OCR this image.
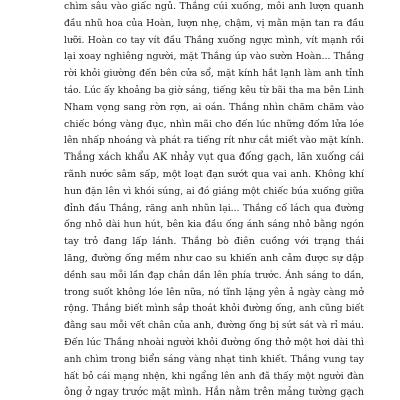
chìm sâu vào giấc ngủ. Thắng cúi xuống, môi anh lượn quanh
đầu nhũ hoa của Hoàn, lượn nhẹ, chậm, vị mằn mặn tan ra đầu
lưỡi. Hoàn co tay vít đầu Thắng xuống ngực mình, vít mạnh rồi
lại xoay nghiêng người, mặt Thắng úp vào sườn Hoàn... Thắng
rời khỏi giường đến bên cửa sổ, mặt kính hắt lạnh làm anh tỉnh
táo. Lúc ấy khoảng ba giờ sáng, tiếng kêu từ bãi tha ma bên Linh
Nham vọng sang rờn rợn, ai oán. Thắng nhìn chăm chăm vào
chiếc bóng vàng đục, nhìn mãi cho đến lúc những đốm lửa lóe
lên nhấp nhoáng và phát ra tiếng rít như cắt miết vào mặt kính.
Thắng xách khẩu AK nhảy vụt qua đống gạch, lăn xuống cái
rãnh nước sâm sấp, một loạt đạn sướt qua vai anh. Không khí
hun đặn lên vì khói súng, ai đó giáng một chiếc búa xuống giữa
đỉnh đầu Thắng, răng anh nhũn lại... Thắng cố lách qua đường
ống nhỏ dài hun hút, bên kia đầu ống ánh sáng nhỏ bằng ngón
tay trỏ đang lấp lánh. Thắng bò điên cuồng với trạng thái
lăng, đường ống mềm như cao su khiến anh cảm được sự dập
dềnh sau mỗi lần đạp chân dần lên phía trước. Ánh sáng to dần,
trong suốt không lóe lên nữa, nó tĩnh lặng yên ả ngày càng mở
rộng. Thắng biết mình sắp thoát khỏi đường ống, anh cũng biết
đằng sau mỗi vết chân của anh, đường ống bị sứt sát và rỉ máu.
Đến lúc Thắng nhoài người khỏi đường ống thở một hơi dài thì
anh chìm trong biển sáng vàng nhạt tinh khiết. Thắng vung tay
hất bỏ cái mạng nhện, khi ngẩng lên anh đã thấy một người đàn
ông ở ngay trước mặt mình. Hắn nằm trên mảng tường gạch
